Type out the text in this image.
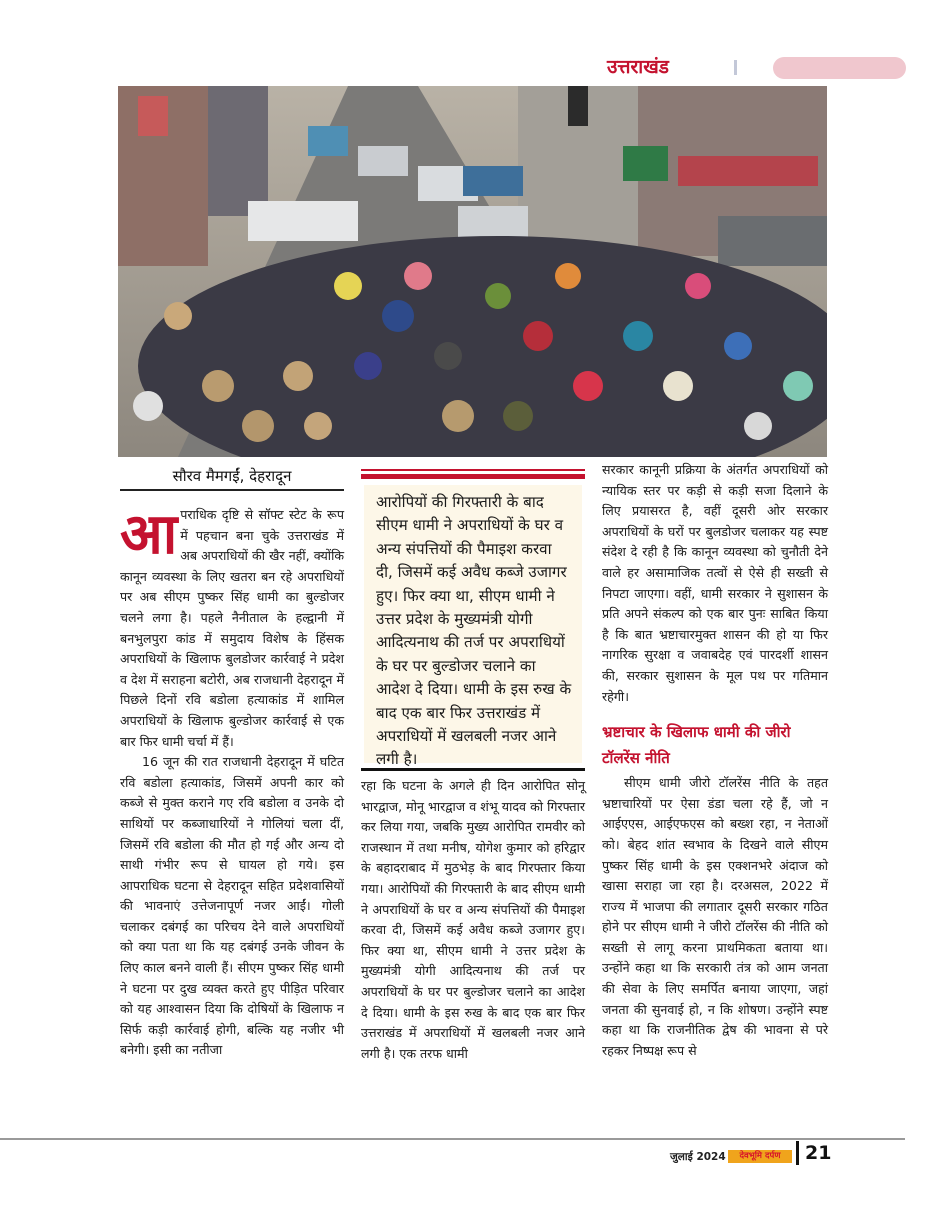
उत्तराखंड
सौरव मैमगईं, देहरादून

आपराधिक दृष्टि से सॉफ्ट स्टेट के रूप में पहचान बना चुके उत्तराखंड में अब अपराधियों की खैर नहीं, क्योंकि कानून व्यवस्था के लिए खतरा बन रहे अपराधियों पर अब सीएम पुष्कर सिंह धामी का बुल्डोजर चलने लगा है। पहले नैनीताल के हल्द्वानी में बनभुलपुरा कांड में समुदाय विशेष के हिंसक अपराधियों के खिलाफ बुलडोजर कार्रवाई ने प्रदेश व देश में सराहना बटोरी, अब राजधानी देहरादून में पिछले दिनों रवि बडोला हत्याकांड में शामिल अपराधियों के खिलाफ बुल्डोजर कार्रवाई से एक बार फिर धामी चर्चा में हैं।

16 जून की रात राजधानी देहरादून में घटित रवि बडोला हत्याकांड, जिसमें अपनी कार को कब्जे से मुक्त कराने गए रवि बडोला व उनके दो साथियों पर कब्जाधारियों ने गोलियां चला दीं, जिसमें रवि बडोला की मौत हो गई और अन्य दो साथी गंभीर रूप से घायल हो गये। इस आपराधिक घटना से देहरादून सहित प्रदेशवासियों की भावनाएं उत्तेजनापूर्ण नजर आईं। गोली चलाकर दबंगई का परिचय देने वाले अपराधियों को क्या पता था कि यह दबंगई उनके जीवन के लिए काल बनने वाली हैं। सीएम पुष्कर सिंह धामी ने घटना पर दुख व्यक्त करते हुए पीड़ित परिवार को यह आश्वासन दिया कि दोषियों के खिलाफ न सिर्फ कड़ी कार्रवाई होगी, बल्कि यह नजीर भी बनेगी। इसी का नतीजा

आरोपियों की गिरफ्तारी के बाद सीएम धामी ने अपराधियों के घर व अन्य संपत्तियों की पैमाइश करवा दी, जिसमें कई अवैध कब्जे उजागर हुए। फिर क्या था, सीएम धामी ने उत्तर प्रदेश के मुख्यमंत्री योगी आदित्यनाथ की तर्ज पर अपराधियों के घर पर बुल्डोजर चलाने का आदेश दे दिया। धामी के इस रुख के बाद एक बार फिर उत्तराखंड में अपराधियों में खलबली नजर आने लगी है।

रहा कि घटना के अगले ही दिन आरोपित सोनू भारद्वाज, मोनू भारद्वाज व शंभू यादव को गिरफ्तार कर लिया गया, जबकि मुख्य आरोपित रामवीर को राजस्थान में तथा मनीष, योगेश कुमार को हरिद्वार के बहादराबाद में मुठभेड़ के बाद गिरफ्तार किया गया। आरोपियों की गिरफ्तारी के बाद सीएम धामी ने अपराधियों के घर व अन्य संपत्तियों की पैमाइश करवा दी, जिसमें कई अवैध कब्जे उजागर हुए। फिर क्या था, सीएम धामी ने उत्तर प्रदेश के मुख्यमंत्री योगी आदित्यनाथ की तर्ज पर अपराधियों के घर पर बुल्डोजर चलाने का आदेश दे दिया। धामी के इस रुख के बाद एक बार फिर उत्तराखंड में अपराधियों में खलबली नजर आने लगी है। एक तरफ धामी

सरकार कानूनी प्रक्रिया के अंतर्गत अपराधियों को न्यायिक स्तर पर कड़ी से कड़ी सजा दिलाने के लिए प्रयासरत है, वहीं दूसरी ओर सरकार अपराधियों के घरों पर बुलडोजर चलाकर यह स्पष्ट संदेश दे रही है कि कानून व्यवस्था को चुनौती देने वाले हर असामाजिक तत्वों से ऐसे ही सख्ती से निपटा जाएगा। वहीं, धामी सरकार ने सुशासन के प्रति अपने संकल्प को एक बार पुनः साबित किया है कि बात भ्रष्टाचारमुक्त शासन की हो या फिर नागरिक सुरक्षा व जवाबदेह एवं पारदर्शी शासन की, सरकार सुशासन के मूल पथ पर गतिमान रहेगी।

भ्रष्टाचार के खिलाफ धामी की जीरो टॉलरेंस नीति

सीएम धामी जीरो टॉलरेंस नीति के तहत भ्रष्टाचारियों पर ऐसा डंडा चला रहे हैं, जो न आईएएस, आईएफएस को बख्श रहा, न नेताओं को। बेहद शांत स्वभाव के दिखने वाले सीएम पुष्कर सिंह धामी के इस एक्शनभरे अंदाज को खासा सराहा जा रहा है। दरअसल, 2022 में राज्य में भाजपा की लगातार दूसरी सरकार गठित होने पर सीएम धामी ने जीरो टॉलरेंस की नीति को सख्ती से लागू करना प्राथमिकता बताया था। उन्होंने कहा था कि सरकारी तंत्र को आम जनता की सेवा के लिए समर्पित बनाया जाएगा, जहां जनता की सुनवाई हो, न कि शोषण। उन्होंने स्पष्ट कहा था कि राजनीतिक द्वेष की भावना से परे रहकर निष्पक्ष रूप से

जुलाई 2024	देवभूमि दर्पण	21
